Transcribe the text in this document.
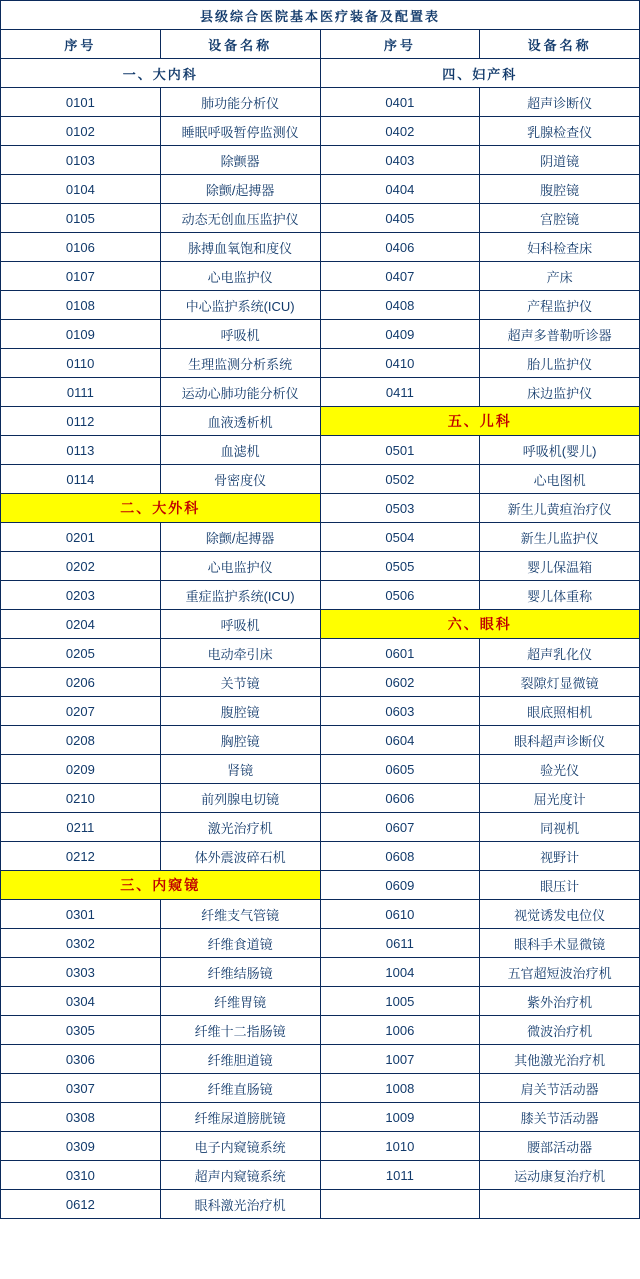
县级综合医院基本医疗装备及配置表			
序号	设备名称	序号	设备名称
一、大内科		四、妇产科	
0101	肺功能分析仪	0401	超声诊断仪
0102	睡眠呼吸暂停监测仪	0402	乳腺检查仪
0103	除颤器	0403	阴道镜
0104	除颤/起搏器	0404	腹腔镜
0105	动态无创血压监护仪	0405	宫腔镜
0106	脉搏血氧饱和度仪	0406	妇科检查床
0107	心电监护仪	0407	产床
0108	中心监护系统(ICU)	0408	产程监护仪
0109	呼吸机	0409	超声多普勒听诊器
0110	生理监测分析系统	0410	胎儿监护仪
0111	运动心肺功能分析仪	0411	床边监护仪
0112	血液透析机	五、儿科	
0113	血滤机	0501	呼吸机(婴儿)
0114	骨密度仪	0502	心电图机
二、大外科		0503	新生儿黄疸治疗仪
0201	除颤/起搏器	0504	新生儿监护仪
0202	心电监护仪	0505	婴儿保温箱
0203	重症监护系统(ICU)	0506	婴儿体重称
0204	呼吸机	六、眼科	
0205	电动牵引床	0601	超声乳化仪
0206	关节镜	0602	裂隙灯显微镜
0207	腹腔镜	0603	眼底照相机
0208	胸腔镜	0604	眼科超声诊断仪
0209	肾镜	0605	验光仪
0210	前列腺电切镜	0606	屈光度计
0211	激光治疗机	0607	同视机
0212	体外震波碎石机	0608	视野计
三、内窥镜		0609	眼压计
0301	纤维支气管镜	0610	视觉诱发电位仪
0302	纤维食道镜	0611	眼科手术显微镜
0303	纤维结肠镜	1004	五官超短波治疗机
0304	纤维胃镜	1005	紫外治疗机
0305	纤维十二指肠镜	1006	微波治疗机
0306	纤维胆道镜	1007	其他激光治疗机
0307	纤维直肠镜	1008	肩关节活动器
0308	纤维尿道膀胱镜	1009	膝关节活动器
0309	电子内窥镜系统	1010	腰部活动器
0310	超声内窥镜系统	1011	运动康复治疗机
0612	眼科激光治疗机		
